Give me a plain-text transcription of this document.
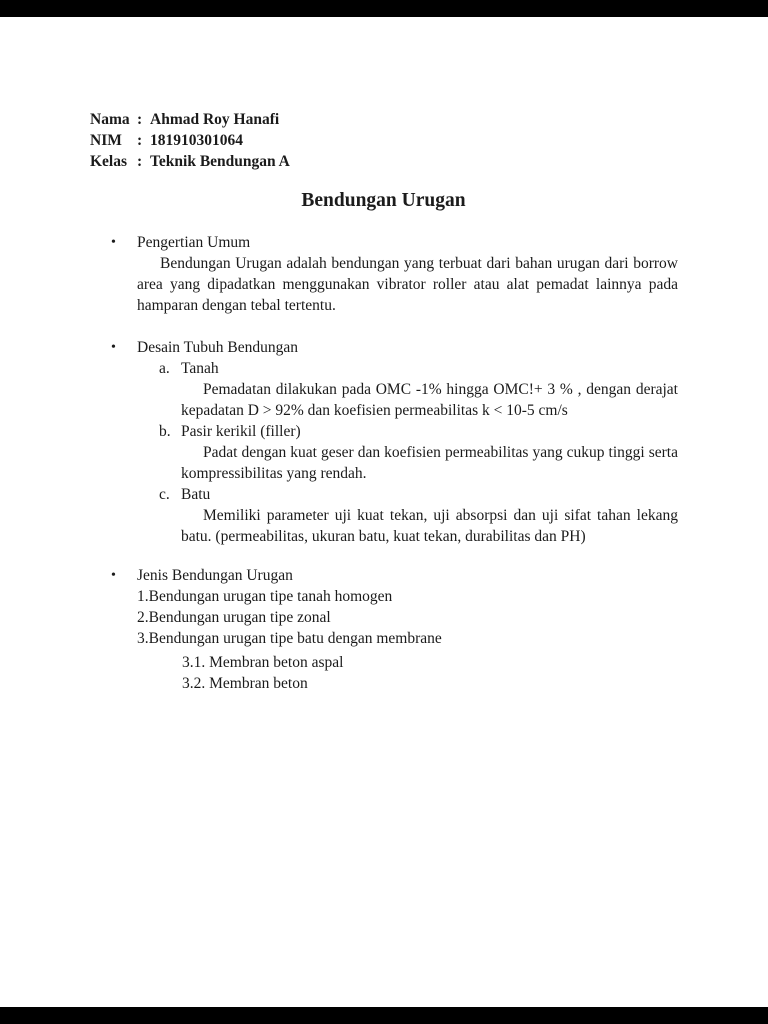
Nama : Ahmad Roy Hanafi
NIM : 181910301064
Kelas : Teknik Bendungan A
Bendungan Urugan
•	Pengertian Umum

Bendungan Urugan adalah bendungan yang terbuat dari bahan urugan dari borrow area yang dipadatkan menggunakan vibrator roller atau alat pemadat lainnya pada hamparan dengan tebal tertentu.

•	Desain Tubuh Bendungan
a. Tanah

Pemadatan dilakukan pada OMC -1% hingga OMC!+ 3 % , dengan derajat kepadatan D > 92% dan koefisien permeabilitas k < 10-5 cm/s

b. Pasir kerikil (filler)

Padat dengan kuat geser dan koefisien permeabilitas yang cukup tinggi serta kompressibilitas yang rendah.

c. Batu

Memiliki parameter uji kuat tekan, uji absorpsi dan uji sifat tahan lekang batu. (permeabilitas, ukuran batu, kuat tekan, durabilitas dan PH)

•	Jenis Bendungan Urugan
1.Bendungan urugan tipe tanah homogen
2.Bendungan urugan tipe zonal
3.Bendungan urugan tipe batu dengan membrane
3.1. Membran beton aspal
3.2. Membran beton
